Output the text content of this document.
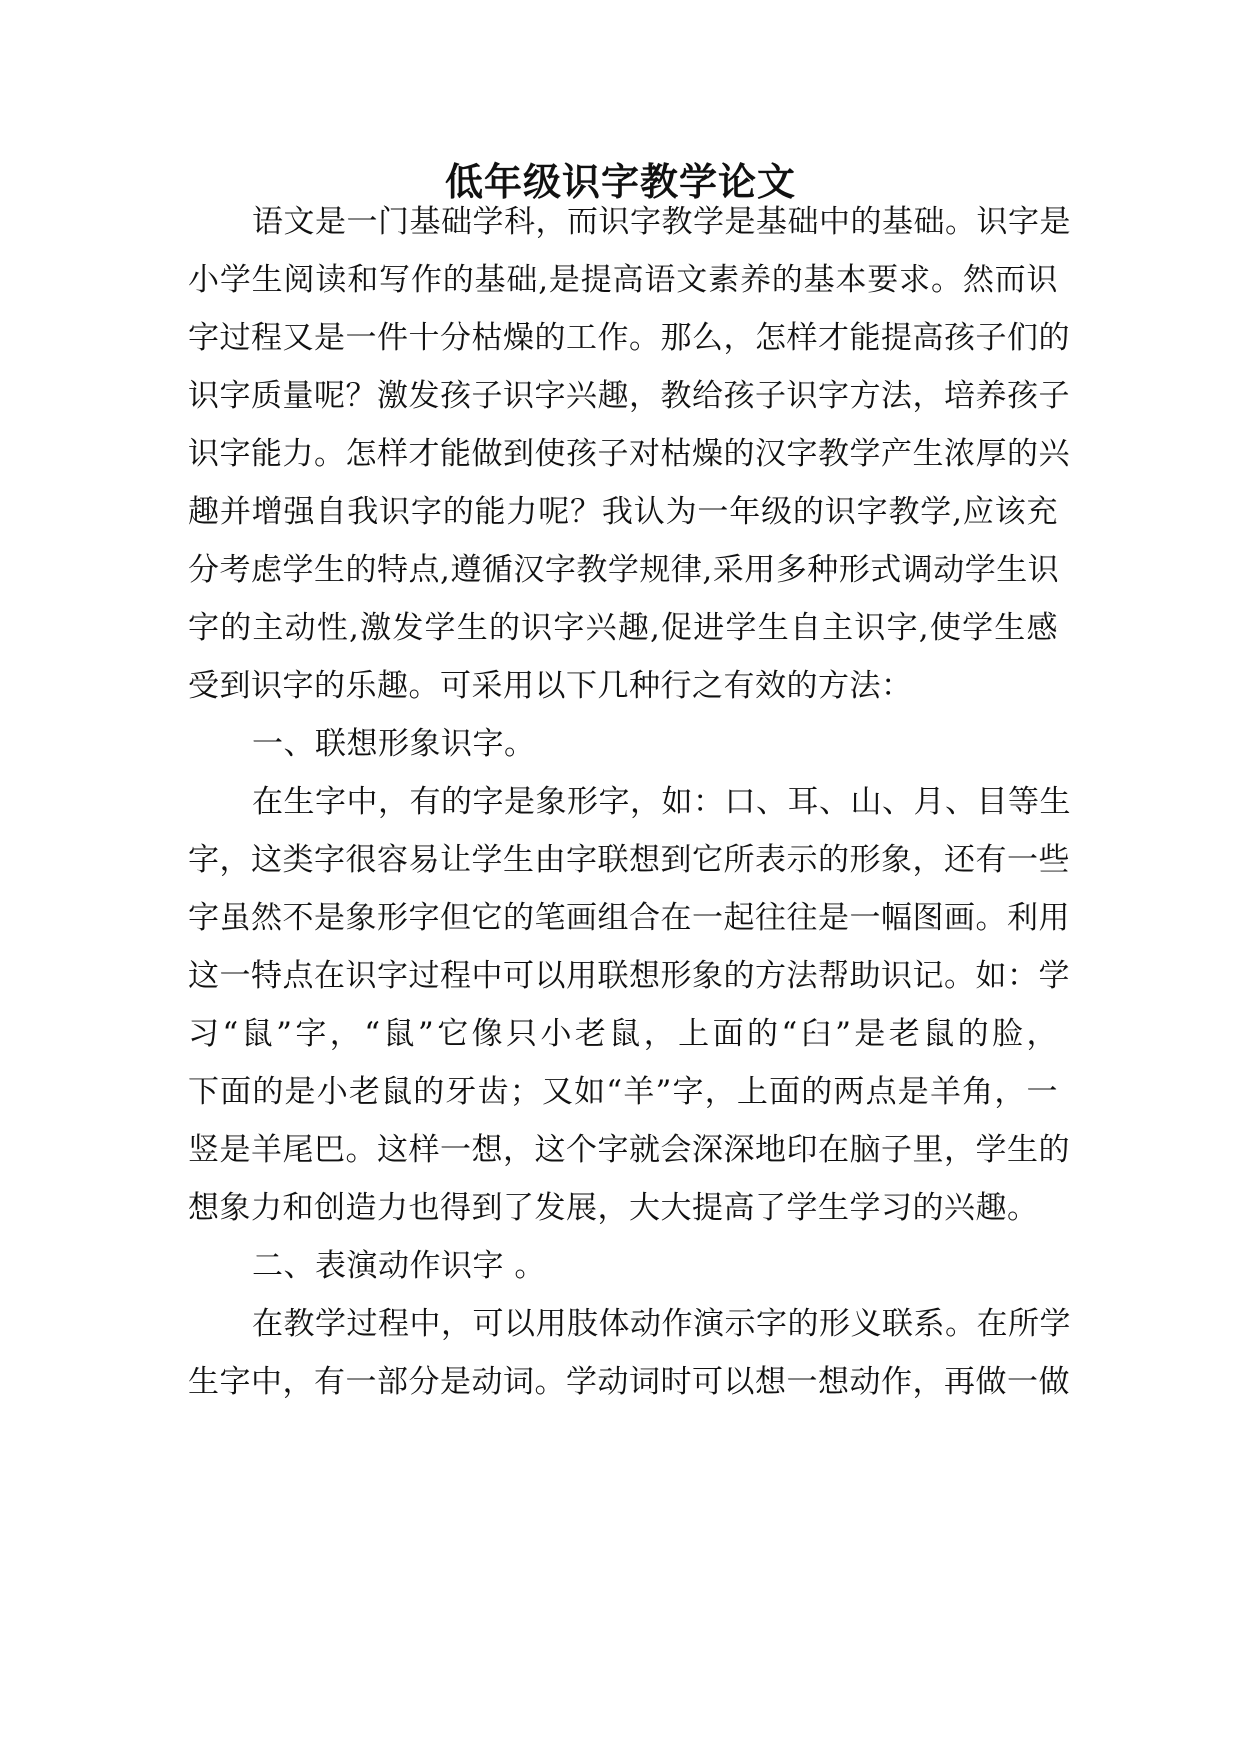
低年级识字教学论文
语文是一门基础学科，而识字教学是基础中的基础。识字是
小学生阅读和写作的基础,是提高语文素养的基本要求。然而识
字过程又是一件十分枯燥的工作。那么，怎样才能提高孩子们的
识字质量呢？激发孩子识字兴趣，教给孩子识字方法，培养孩子
识字能力。怎样才能做到使孩子对枯燥的汉字教学产生浓厚的兴
趣并增强自我识字的能力呢？我认为一年级的识字教学,应该充
分考虑学生的特点,遵循汉字教学规律,采用多种形式调动学生识
字的主动性,激发学生的识字兴趣,促进学生自主识字,使学生感
受到识字的乐趣。可采用以下几种行之有效的方法：
一、联想形象识字。
在生字中，有的字是象形字，如：口、耳、山、月、目等生
字，这类字很容易让学生由字联想到它所表示的形象，还有一些
字虽然不是象形字但它的笔画组合在一起往往是一幅图画。利用
这一特点在识字过程中可以用联想形象的方法帮助识记。如：学
习“鼠”字，“鼠”它像只小老鼠，上面的“臼”是老鼠的脸，
下面的是小老鼠的牙齿；又如“羊”字，上面的两点是羊角，一
竖是羊尾巴。这样一想，这个字就会深深地印在脑子里，学生的
想象力和创造力也得到了发展，大大提高了学生学习的兴趣。
二、表演动作识字 。
在教学过程中，可以用肢体动作演示字的形义联系。在所学
生字中，有一部分是动词。学动词时可以想一想动作，再做一做
